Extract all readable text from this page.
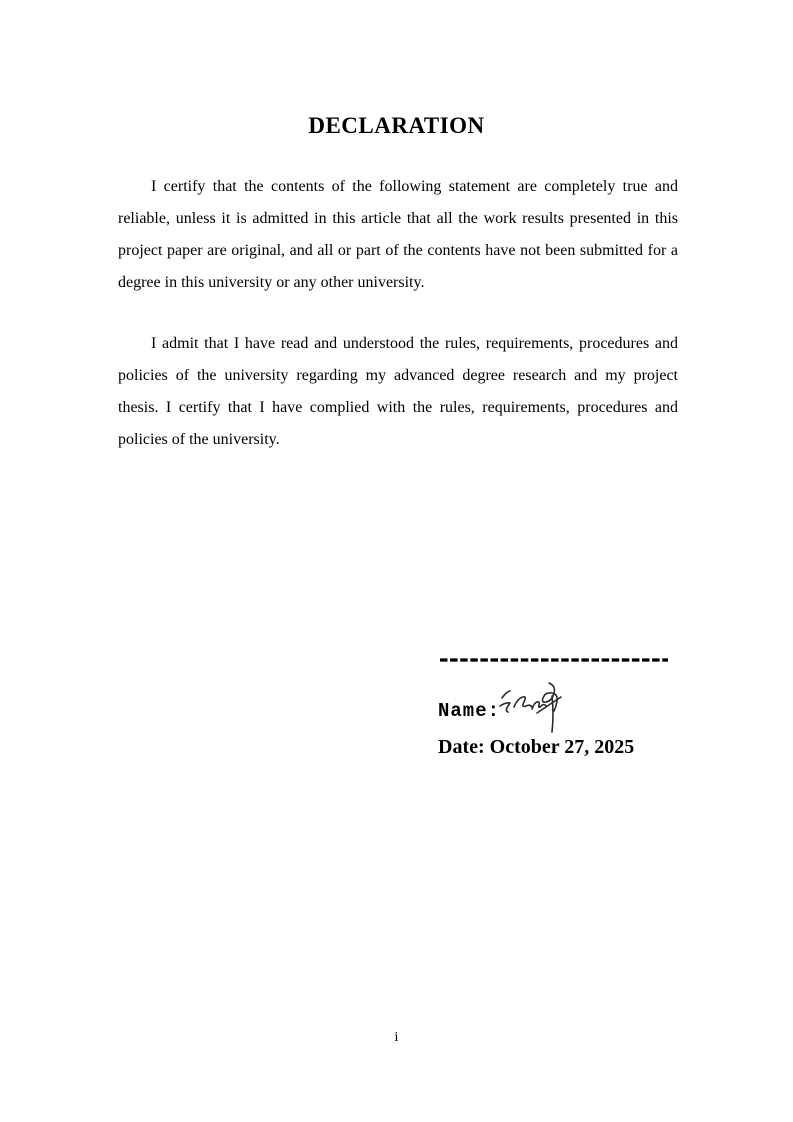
DECLARATION

I certify that the contents of the following statement are completely true and reliable, unless it is admitted in this article that all the work results presented in this project paper are original, and all or part of the contents have not been submitted for a degree in this university or any other university.

I admit that I have read and understood the rules, requirements, procedures and policies of the university regarding my advanced degree research and my project thesis. I certify that I have complied with the rules, requirements, procedures and policies of the university.

Name:
Date: October 27, 2025
i
